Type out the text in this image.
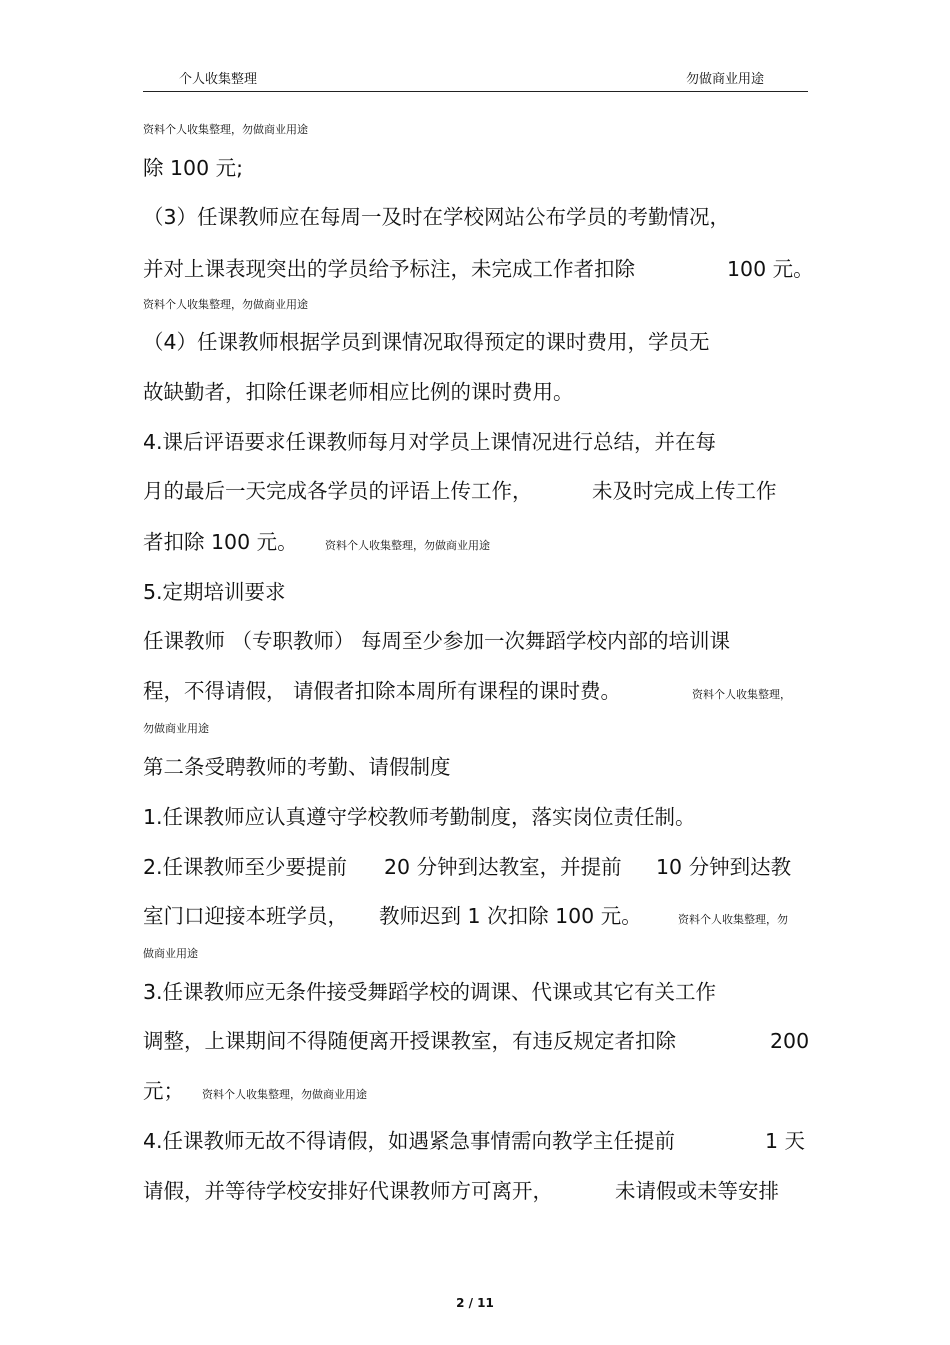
个人收集整理	勿做商业用途
资料个人收集整理，勿做商业用途
除 100 元;
（3）任课教师应在每周一及时在学校网站公布学员的考勤情况，
并对上课表现突出的学员给予标注，未完成工作者扣除	100 元。
资料个人收集整理，勿做商业用途
（4）任课教师根据学员到课情况取得预定的课时费用，学员无
故缺勤者，扣除任课老师相应比例的课时费用。
4.课后评语要求任课教师每月对学员上课情况进行总结，并在每
月的最后一天完成各学员的评语上传工作，	未及时完成上传工作
者扣除 100 元。 资料个人收集整理，勿做商业用途
5.定期培训要求
任课教师 （专职教师） 每周至少参加一次舞蹈学校内部的培训课
程，不得请假， 请假者扣除本周所有课程的课时费。	资料个人收集整理，
勿做商业用途
第二条受聘教师的考勤、请假制度
1.任课教师应认真遵守学校教师考勤制度，落实岗位责任制。
2.任课教师至少要提前 20 分钟到达教室，并提前 10 分钟到达教
室门口迎接本班学员， 教师迟到 1 次扣除 100 元。	资料个人收集整理，勿
做商业用途
3.任课教师应无条件接受舞蹈学校的调课、代课或其它有关工作
调整，上课期间不得随便离开授课教室，有违反规定者扣除	200
元； 资料个人收集整理，勿做商业用途
4.任课教师无故不得请假，如遇紧急事情需向教学主任提前	1 天
请假，并等待学校安排好代课教师方可离开，	未请假或未等安排
2 / 11
